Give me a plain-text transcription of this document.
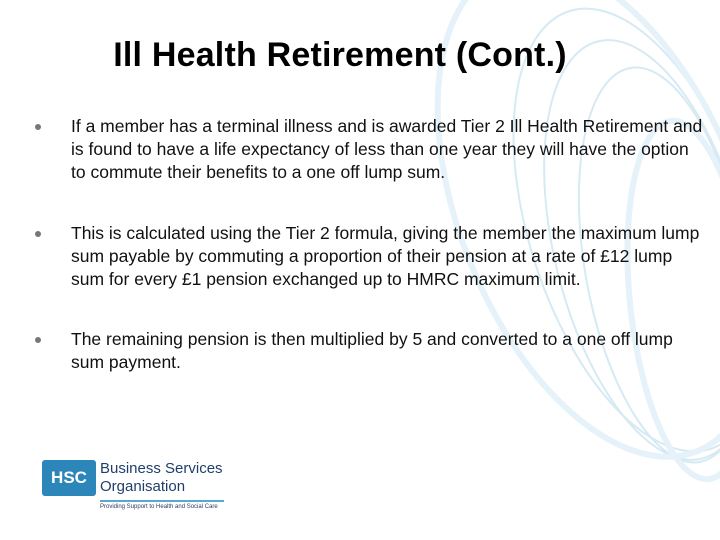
Ill Health Retirement (Cont.)
If a member has a terminal illness and is awarded Tier 2 Ill Health Retirement and is found to have a life expectancy of less than one year they will have the option to commute their benefits to a one off lump sum.
This is calculated using the Tier 2 formula, giving the member the maximum lump sum payable by commuting a proportion of their pension at a rate of £12 lump sum for every £1 pension exchanged up to HMRC maximum limit.
The remaining pension is then multiplied by 5 and converted to a one off lump sum payment.
HSC Business Services
Organisation
Providing Support to Health and Social Care
